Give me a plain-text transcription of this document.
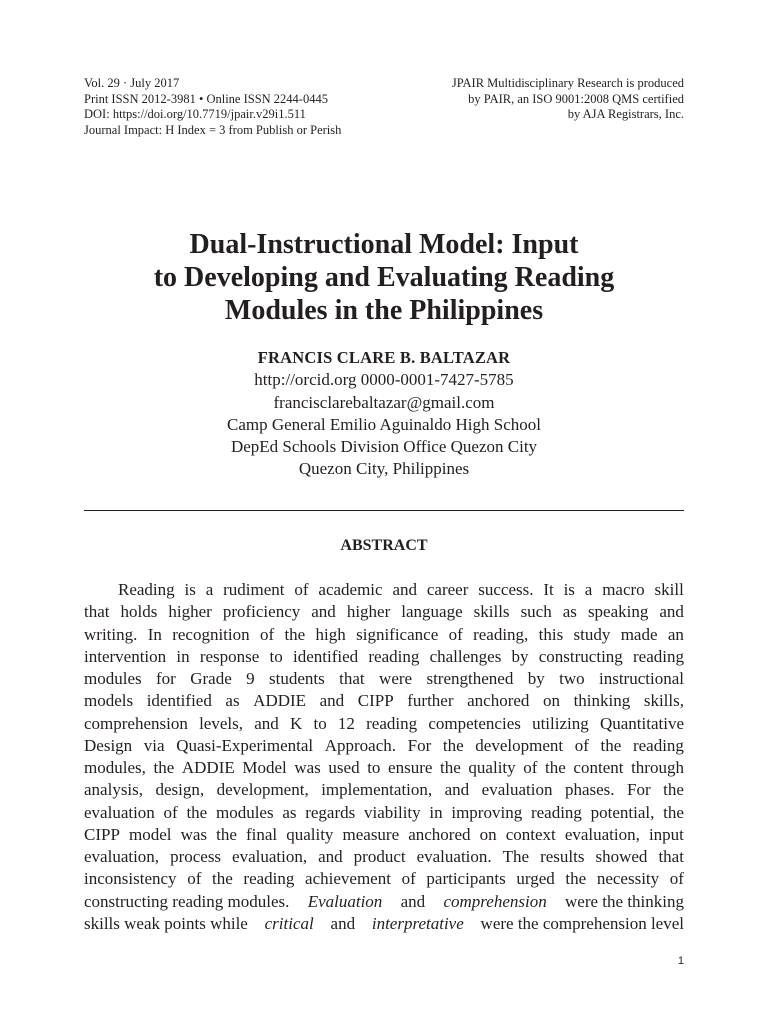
Vol. 29 · July 2017
Print ISSN 2012-3981 • Online ISSN 2244-0445
DOI: https://doi.org/10.7719/jpair.v29i1.511
Journal Impact: H Index = 3 from Publish or Perish
JPAIR Multidisciplinary Research is produced
by PAIR, an ISO 9001:2008 QMS certified
by AJA Registrars, Inc.
Dual-Instructional Model: Input
to Developing and Evaluating Reading
Modules in the Philippines
FRANCIS CLARE B. BALTAZAR
http://orcid.org 0000-0001-7427-5785
francisclarebaltazar@gmail.com
Camp General Emilio Aguinaldo High School
DepEd Schools Division Office Quezon City
Quezon City, Philippines
ABSTRACT
Reading is a rudiment of academic and career success. It is a macro skill
that holds higher proficiency and higher language skills such as speaking and
writing. In recognition of the high significance of reading, this study made an
intervention in response to identified reading challenges by constructing reading
modules for Grade 9 students that were strengthened by two instructional
models identified as ADDIE and CIPP further anchored on thinking skills,
comprehension levels, and K to 12 reading competencies utilizing Quantitative
Design via Quasi-Experimental Approach. For the development of the reading
modules, the ADDIE Model was used to ensure the quality of the content through
analysis, design, development, implementation, and evaluation phases. For the
evaluation of the modules as regards viability in improving reading potential, the
CIPP model was the final quality measure anchored on context evaluation, input
evaluation, process evaluation, and product evaluation. The results showed that
inconsistency of the reading achievement of participants urged the necessity of
constructing reading modules. Evaluation and comprehension were the thinking
skills weak points while critical and interpretative were the comprehension level
1
